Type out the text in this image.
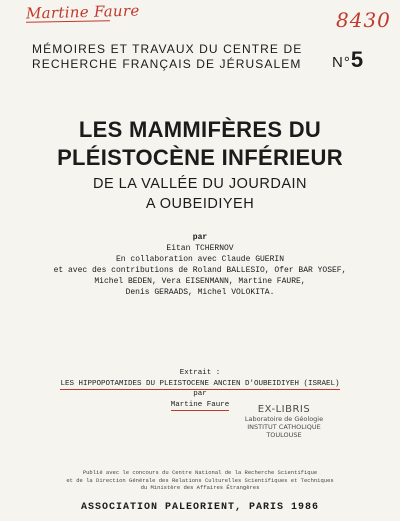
Martine Faure	8430
MÉMOIRES ET TRAVAUX DU CENTRE DE
RECHERCHE FRANÇAIS DE JÉRUSALEM	N°5
LES MAMMIFÈRES DU
PLÉISTOCÈNE INFÉRIEUR
DE LA VALLÉE DU JOURDAIN
A OUBEIDIYEH
par
Eitan TCHERNOV
En collaboration avec Claude GUERIN
et avec des contributions de Roland BALLESIO, Ofer BAR YOSEF,
Michel BEDEN, Vera EISENMANN, Martine FAURE,
Denis GERAADS, Michel VOLOKITA.
Extrait :
LES HIPPOPOTAMIDES DU PLEISTOCENE ANCIEN D'OUBEIDIYEH (ISRAEL)
par
Martine Faure	EX-LIBRIS
Laboratoire de Géologie
INSTITUT CATHOLIQUE
TOULOUSE
Publié avec le concours du Centre National de la Recherche Scientifique
et de la Direction Générale des Relations Culturelles Scientifiques et Techniques
du Ministère des Affaires Étrangères
ASSOCIATION PALEORIENT, PARIS 1986
